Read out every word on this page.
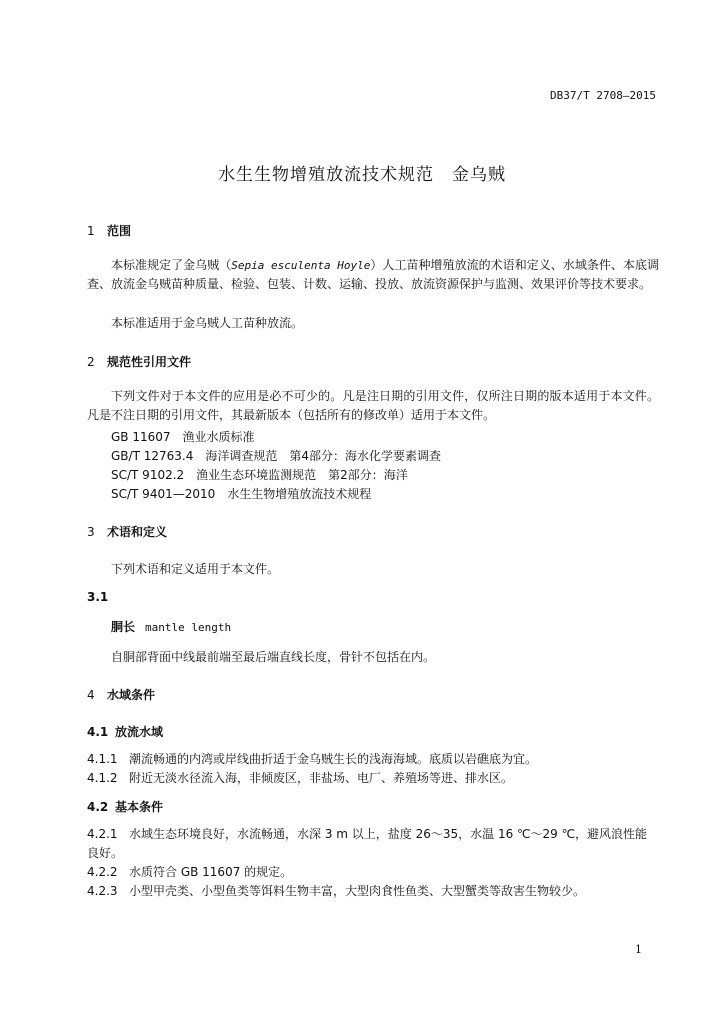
DB37/T 2708—2015
水生生物增殖放流技术规范　金乌贼
1 范围
本标准规定了金乌贼（Sepia esculenta Hoyle）人工苗种增殖放流的术语和定义、水域条件、本底调查、放流金乌贼苗种质量、检验、包装、计数、运输、投放、放流资源保护与监测、效果评价等技术要求。
本标准适用于金乌贼人工苗种放流。
2 规范性引用文件
下列文件对于本文件的应用是必不可少的。凡是注日期的引用文件，仅所注日期的版本适用于本文件。凡是不注日期的引用文件，其最新版本（包括所有的修改单）适用于本文件。
GB 11607　渔业水质标准
GB/T 12763.4　海洋调查规范　第4部分：海水化学要素调查
SC/T 9102.2　渔业生态环境监测规范　第2部分：海洋
SC/T 9401—2010　水生生物增殖放流技术规程
3 术语和定义
下列术语和定义适用于本文件。
3.1
胴长 mantle length
自胴部背面中线最前端至最后端直线长度，骨针不包括在内。
4 水域条件
4.1 放流水域
4.1.1 潮流畅通的内湾或岸线曲折适于金乌贼生长的浅海海域。底质以岩礁底为宜。
4.1.2 附近无淡水径流入海，非倾废区，非盐场、电厂、养殖场等进、排水区。
4.2 基本条件
4.2.1 水域生态环境良好，水流畅通，水深 3 m 以上，盐度 26～35，水温 16 ℃～29 ℃，避风浪性能良好。
4.2.2 水质符合 GB 11607 的规定。
4.2.3 小型甲壳类、小型鱼类等饵料生物丰富，大型肉食性鱼类、大型蟹类等敌害生物较少。
1
